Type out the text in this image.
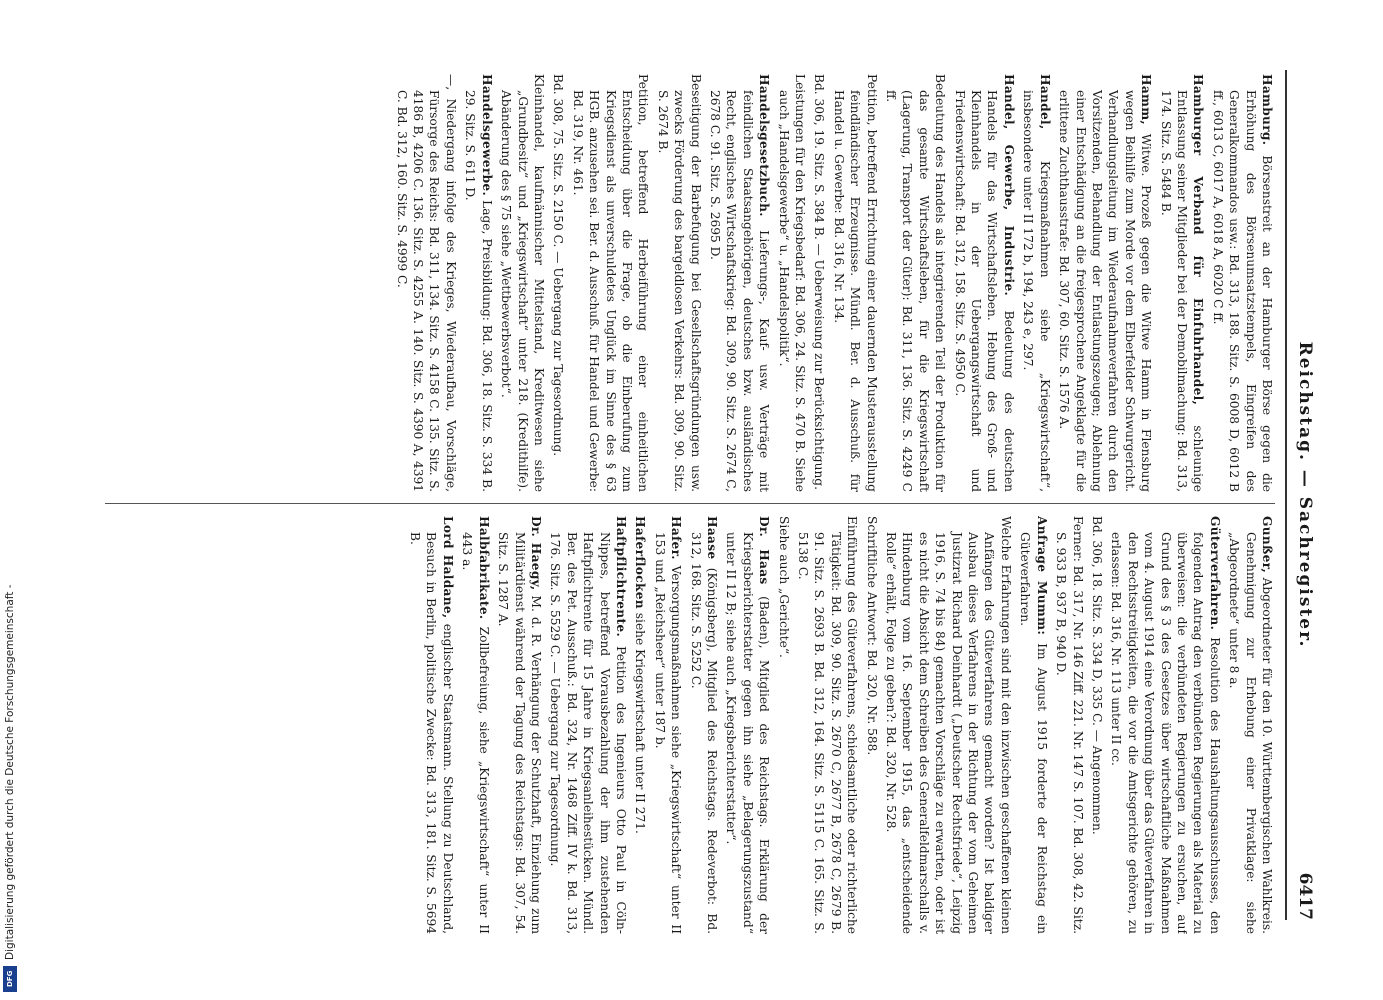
Reichstag. — Sachregister.
6417

Hamburg. Börsenstreit an der Hamburger Börse gegen die Erhöhung des Börsenumsatzstempels, Eingreifen des Generalkommandos usw.: Bd. 313, 188. Sitz. S. 6008 D, 6012 B ff., 6013 C, 6017 A, 6018 A, 6020 C ff.

Hamburger Verband für Einfuhrhandel, schleunige Entlassung seiner Mitglieder bei der Demobilmachung: Bd. 313, 174. Sitz. S. 5484 B.

Hamm, Witwe. Prozeß gegen die Witwe Hamm in Flensburg wegen Beihilfe zum Morde vor dem Elberfelder Schwurgericht. Verhandlungsleitung im Wiederaufnahmeverfahren durch den Vorsitzenden, Behandlung der Entlastungszeugen; Ablehnung einer Entschädigung an die freigesprochene Angeklagte für die erlittene Zuchthausstrafe: Bd. 307, 60. Sitz. S. 1576 A.

Handel, Kriegsmaßnahmen siehe „Kriegswirtschaft“, insbesondere unter II 172 b, 194, 243 e, 297.

Handel, Gewerbe, Industrie. Bedeutung des deutschen Handels für das Wirtschaftsleben. Hebung des Groß- und Kleinhandels in der Uebergangswirtschaft und Friedenswirtschaft: Bd. 312, 158. Sitz. S. 4950 C.

Bedeutung des Handels als integrierenden Teil der Produktion für das gesamte Wirtschaftsleben, für die Kriegswirtschaft (Lagerung, Transport der Güter): Bd. 311, 136. Sitz. S. 4249 C ff.

Petition, betreffend Errichtung einer dauernden Musterausstellung feindländischer Erzeugnisse. Mündl. Ber. d. Ausschuß. für Handel u. Gewerbe: Bd. 316, Nr. 134.

Bd. 306, 19. Sitz. S. 384 B. — Ueberweisung zur Berücksichtigung.

Leistungen für den Kriegsbedarf: Bd. 306, 24. Sitz. S. 470 B. Siehe auch „Handelsgewerbe“ u. „Handelspolitik“.

Handelsgesetzbuch. Lieferungs-, Kauf- usw. Verträge mit feindlichen Staatsangehörigen, deutsches bzw. ausländisches Recht, englisches Wirtschaftskrieg: Bd. 309, 90. Sitz. S. 2674 C, 2678 C. 91. Sitz. S. 2695 D.

Beseitigung der Barbefugung bei Gesellschaftsgründungen usw. zwecks Förderung des bargeldlosen Verkehrs: Bd. 309, 90. Sitz. S. 2674 B.

Petition, betreffend Herbeiführung einer einheitlichen Entscheidung über die Frage, ob die Einberufung zum Kriegsdienst als unverschuldetes Unglück im Sinne des § 63 HGB. anzusehen sei. Ber. d. Ausschuß. für Handel und Gewerbe: Bd. 319, Nr. 461.

Bd. 308, 75. Sitz. S. 2150 C. — Uebergang zur Tagesordnung.

Kleinhandel, kaufmännischer Mittelstand, Kreditwesen siehe „Grundbesitz“ und „Kriegswirtschaft“ unter 218. (Kredithilfe). Abänderung des § 75 siehe „Wettbewerbsverbot“.

Handelsgewerbe. Lage, Preisbildung: Bd. 306, 18. Sitz. S. 334 B. 29. Sitz. S. 611 D.

—, Niedergang infolge des Krieges, Wiederaufbau, Vorschläge, Fürsorge des Reichs: Bd. 311, 134. Sitz. S. 4158 C. 135. Sitz. S. 4186 B, 4206 C. 136. Sitz. S. 4255 A. 140. Sitz. S. 4390 A, 4391 C. Bd. 312, 160. Sitz. S. 4999 C.

Gunßer, Abgeordneter für den 10. Württembergischen Wahlkreis. Genehmigung zur Erhebung einer Privatklage: siehe „Abgeordnete“ unter 8 a.

Güterverfahren. Resolution des Haushaltungsausschusses, den folgenden Antrag den verbündeten Regierungen als Material zu überweisen: die verbündeten Regierungen zu ersuchen, auf Grund des § 3 des Gesetzes über wirtschaftliche Maßnahmen vom 4. August 1914 eine Verordnung über das Güteverfahren in den Rechtsstreitigkeiten, die vor die Amtsgerichte gehören, zu erlassen: Bd. 316, Nr. 113 unter II cc.

Bd. 306, 18. Sitz. S. 334 D, 335 C. — Angenommen.

Ferner: Bd. 317, Nr. 146 Ziff. 221. Nr. 147 S. 107. Bd. 308, 42. Sitz. S. 933 B, 937 B, 940 D.

Anfrage Mumm: Im August 1915 forderte der Reichstag ein Güteverfahren.

Welche Erfahrungen sind mit den inzwischen geschaffenen kleinen Anfängen des Güteverfahrens gemacht worden? Ist baldiger Ausbau dieses Verfahrens in der Richtung der vom Geheimen Justizrat Richard Deinhardt („Deutscher Rechtsfriede“, Leipzig 1916, S. 74 bis 84) gemachten Vorschläge zu erwarten, oder ist es nicht die Absicht dem Schreiben des Generalfeldmarschalls v. Hindenburg vom 16. September 1915, das „entscheidende Rolle“ erhält, Folge zu geben?: Bd. 320, Nr. 528.

Schriftliche Antwort: Bd. 320, Nr. 588.

Einführung des Güteverfahrens, schiedsamtliche oder richterliche Tätigkeit: Bd. 309, 90. Sitz. S. 2670 C, 2677 B, 2678 C, 2679 B. 91. Sitz. S. 2693 B. Bd. 312, 164. Sitz. S. 5115 C. 165. Sitz. S. 5138 C.

Siehe auch „Gerichte“.

Dr. Haas (Baden), Mitglied des Reichstags. Erklärung der Kriegsberichterstatter gegen ihn siehe „Belagerungszustand“ unter II 12 B; siehe auch „Kriegsberichterstatter“.

Haase (Königsberg), Mitglied des Reichstags. Redeverbot: Bd. 312, 168. Sitz. S. 5252 C.

Hafer. Versorgungsmaßnahmen siehe „Kriegswirtschaft“ unter II 153 und „Reichsheer“ unter 187 b.

Haferflocken siehe Kriegswirtschaft unter II 271.

Haftpflichtrente. Petition des Ingenieurs Otto Paul in Cöln-Nippes, betreffend Vorausbezahlung der ihm zustehenden Haftpflichtrente für 15 Jahre in Kriegsanleihestücken. Mündl. Ber. des Pet. Ausschuß.: Bd. 324, Nr. 1468 Ziff. IV k. Bd. 313, 176. Sitz. S. 5529 C. — Uebergang zur Tagesordnung.

Dr. Haegy, M. d. R. Verhängung der Schutzhaft, Einziehung zum Militärdienst während der Tagung des Reichstags: Bd. 307, 54. Sitz. S. 1287 A.

Halbfabrikate. Zollbefreiung, siehe „Kriegswirtschaft“ unter II 443 a.

Lord Haldane, englischer Staatsmann. Stellung zu Deutschland, Besuch in Berlin, politische Zwecke: Bd. 313, 181. Sitz. S. 5694 B.

Digitalisierung gefördert durch die Deutsche Forschungsgemeinschaft -
DFG
